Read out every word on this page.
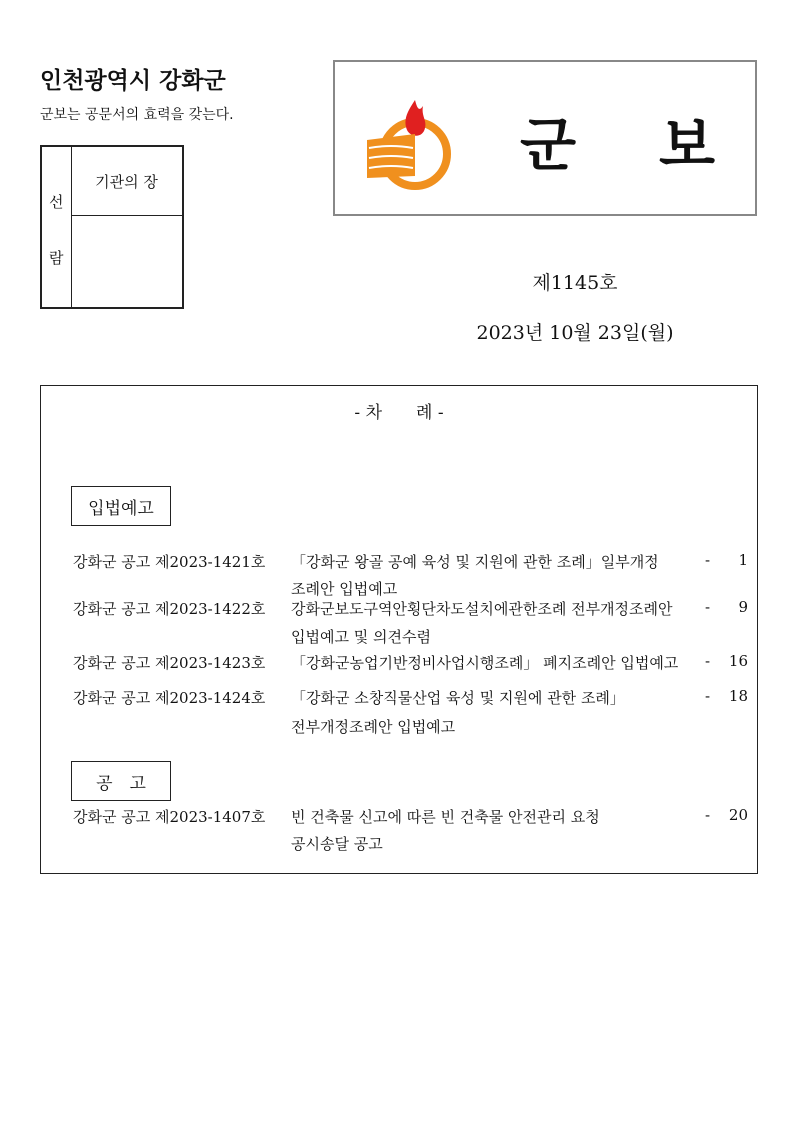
인천광역시 강화군
군보는 공문서의 효력을 갖는다.
선
람
기관의 장
군 보
제1145호
2023년 10월 23일(월)
- 차　　례 -
입법예고
강화군 공고 제2023-1421호 「강화군 왕골 공예 육성 및 지원에 관한 조례」일부개정
조례안 입법예고
- 1
강화군 공고 제2023-1422호 강화군보도구역안횡단차도설치에관한조례 전부개정조례안
입법예고 및 의견수렴
- 9
강화군 공고 제2023-1423호 「강화군농업기반정비사업시행조례」 폐지조례안 입법예고 - 16
강화군 공고 제2023-1424호 「강화군 소창직물산업 육성 및 지원에 관한 조례」
전부개정조례안 입법예고
- 18
공　고
강화군 공고 제2023-1407호 빈 건축물 신고에 따른 빈 건축물 안전관리 요청
공시송달 공고
- 20
